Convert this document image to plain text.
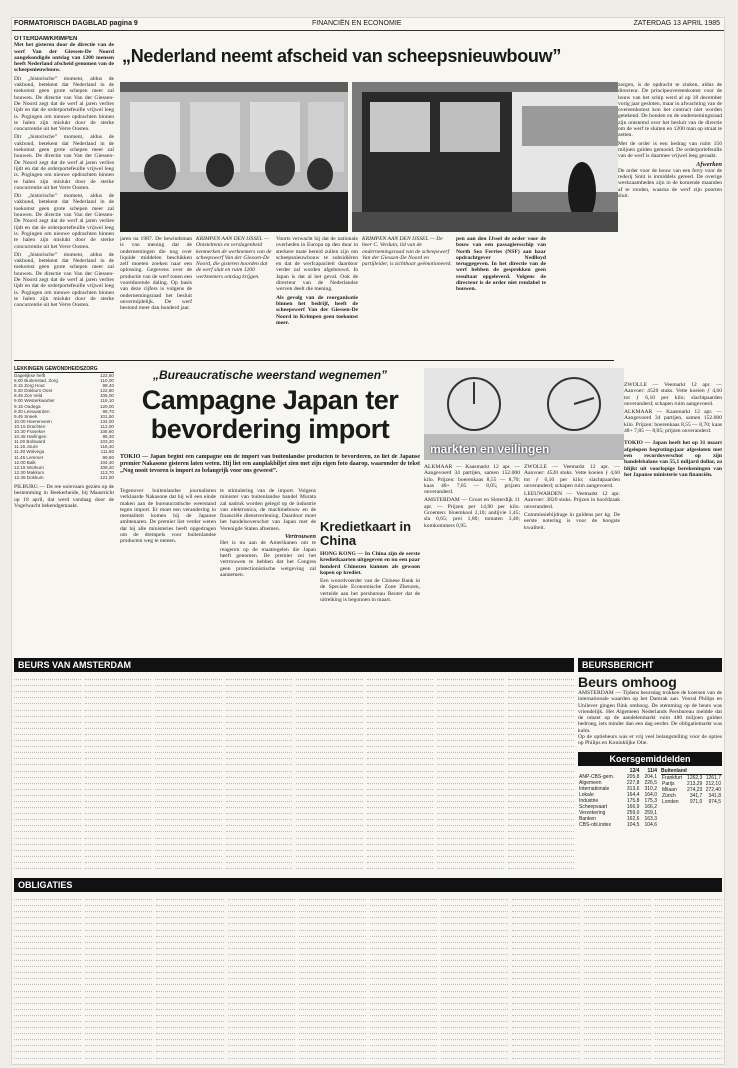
FORMATORISCH DAGBLAD pagina 9	FINANCIËN EN ECONOMIE	ZATERDAG 13 APRIL 1985
„Nederland neemt afscheid van scheepsnieuwbouw”
OTTERDAM/KRIMPEN

Met het gisteren door de directie van de werf Van der Giessen-De Noord aangekondigde ontslag van 1200 mensen heeft Nederland afscheid genomen van de scheepsnieuwbouw.

Dit „historische” moment, aldus de vakbond, betekent dat Nederland in de toekomst geen grote schepen meer zal bouwen. De directie van Van der Giessen-De Noord zegt dat de werf al jaren verlies lijdt en dat de orderportefeuille vrijwel leeg is. Pogingen om nieuwe opdrachten binnen te halen zijn mislukt door de sterke concurrentie uit het Verre Oosten.

Dit „historische” moment, aldus de vakbond, betekent dat Nederland in de toekomst geen grote schepen meer zal bouwen. De directie van Van der Giessen-De Noord zegt dat de werf al jaren verlies lijdt en dat de orderportefeuille vrijwel leeg is. Pogingen om nieuwe opdrachten binnen te halen zijn mislukt door de sterke concurrentie uit het Verre Oosten.

Dit „historische” moment, aldus de vakbond, betekent dat Nederland in de toekomst geen grote schepen meer zal bouwen. De directie van Van der Giessen-De Noord zegt dat de werf al jaren verlies lijdt en dat de orderportefeuille vrijwel leeg is. Pogingen om nieuwe opdrachten binnen te halen zijn mislukt door de sterke concurrentie uit het Verre Oosten.

Dit „historische” moment, aldus de vakbond, betekent dat Nederland in de toekomst geen grote schepen meer zal bouwen. De directie van Van der Giessen-De Noord zegt dat de werf al jaren verlies lijdt en dat de orderportefeuille vrijwel leeg is. Pogingen om nieuwe opdrachten binnen te halen zijn mislukt door de sterke concurrentie uit het Verre Oosten.

jaren na 1987. De bewindsman is van mening dat de ondernemingen die nog over liquide middelen beschikken zelf moeten zoeken naar een oplossing. Gegevens over de productie van de werf tonen een voortdurende daling. Op basis van deze cijfers is volgens de ondernemingsraad het besluit onvermijdelijk. De werf bestond meer dan honderd jaar.

KRIMPEN AAN DEN IJSSEL — Ontsteltenis en verslagenheid kenmerken de werknemers van de scheepswerf Van der Giessen-De Noord, die gisteren hoorden dat de werf sluit en ruim 1200 werknemers ontslag krijgen.

Voorts verwacht hij dat de nationale overheden in Europa op den duur in sterkere mate bereid zullen zijn om scheepsnieuwbouw te subsidiëren en dat de werfcapaciteit daardoor verder zal worden afgebouwd. In Japan is dat al het geval. Ook de directeur van de Nederlandse werven deelt die mening.

Als gevolg van de reorganisatie binnen het bedrijf, heeft de scheepswerf Van der Giessen-De Noord in Krimpen geen toekomst meer.

KRIMPEN AAN DEN IJSSEL — De heer C. Verduin, lid van de ondernemingsraad van de scheepswerf Van der Giessen-De Noord en partijleider, is zichtbaar geëmotioneerd.

pen aan den IJssel de order voor de bouw van een passagiersschip van North Sea Ferries (NSF) aan haar opdrachtgever Nedlloyd teruggegeven. In het directie van de werf hebben de gesprekken geen resultaat opgeleverd. Volgens de directeur is de order niet rendabel te bouwen.

zorgen, is de opdracht te zinken, aldus de directeur. De principeovereenkomst voor de bouw van het schip werd al op 18 december vorig jaar gesloten, maar in afwachting van de overeenkomst kon het contract niet worden getekend. De bonden en de ondernemingsraad zijn ontstemd over het besluit van de directie om de werf te sluiten en 1200 man op straat te zetten.

Met de order is een bedrag van ruim 156 miljoen gulden gemoeid. De orderportefeuille van de werf is daarmee vrijwel leeg geraakt.

Afwerken

De order voor de bouw van een ferry voor de rederij Smit is inmiddels gereed. De overige werkzaamheden zijn in de komende maanden af te ronden, waarna de werf zijn poorten sluit.

LEKKINGEN GEWONDHEIDSZORG
Dagelijkse helft	122,50
8.00 Buitenstad, Zorg	110,00
8.15 Zorg Hout	98,40
8.30 Dokkum Oost	122,80
8.45 Zon Veld	105,00
9.00 Westerkwartier	116,10
9.15 Oudega	120,00
9.30 Leeuwarden	99,70
9.45 Sneek	101,50
10.00 Heerenveen	134,00
10.15 Drachten	112,00
10.30 Franeker	108,60
10.45 Harlingen	96,30
11.00 Bolsward	103,20
11.15 Joure	118,40
11.30 Wolvega	111,80
11.45 Lemmer	99,90
12.00 Balk	104,40
12.15 Workum	109,20
12.30 Makkum	113,70
12.45 Dokkum	121,00
PILBURG — De ree ooievaars gezien op de bestemming in Beekerheide, bij Maastricht op 18 april, dat werd vandaag door de Vogelwacht bekendgemaakt.
„Bureaucratische weerstand wegnemen”
Campagne Japan ter bevordering import
TOKIO — Japan begint een campagne om de import van buitenlandse producten te bevorderen, zo liet de Japanse premier Nakasone gisteren laten weten. Hij liet een aanplakbiljet zien met zijn eigen foto daarop, waaronder de tekst „Nog nooit tevoren is import zo belangrijk voor ons geweest”.

Tegenover buitenlandse journalisten verklaarde Nakasone dat hij wil een einde maken aan de bureaucratische weerstand tegen import. Er moet een verandering in mentaliteit komen bij de Japanse ambtenaren. De premier liet verder weten dat hij alle ministeries heeft opgedragen om de drempels voor buitenlandse producten weg te nemen.

te stimulering van de import. Volgens minister van buitenlandse handel Murata zal nadruk worden gelegd op de industrie van elektronica, de machinebouw en de financiële dienstverlening. Daardoor moet het handelsoverschot van Japan met de Verenigde Staten afnemen.

Vertrouwen

Het is nu aan de Amerikanen om te reageren op de maatregelen die Japan heeft genomen. De premier zei het vertrouwen te hebben dat het Congres geen protectionistische wetgeving zal aannemen.

Kredietkaart in China
HONG KONG — In China zijn de eerste kredietkaarten uitgegeven en nu een paar honderd Chinezen kunnen als gewoon kopen op krediet.
Een woordvoerder van de Chinese Bank in de Speciale Economische Zone Zhenzen, vertelde aan het persbureau Reuter dat de uitreiking is begonnen in maart.
markten en veilingen

ALKMAAR — Kaasmarkt 12 apr. — Aangevoerd 34 partijen, samen 152.000 kilo. Prijzen: boerenkaas 8,55 — 8,70; kaas 48+ 7,85 — 8,05; prijzen onveranderd.

AMSTERDAM — Groot en Sloterdijk 11 apr. — Prijzen per 14,80 per kilo. Groenten: bloemkool 2,10; andijvie 1,45; sla 0,65; prei 1,80; tomaten 3,40; komkommers 0,95.

ZWOLLE — Veemarkt 12 apr. — Aanvoer: 4520 stuks. Vette koeien ƒ 4,60 tot ƒ 6,10 per kilo; slachtpaarden onveranderd; schapen ruim aangevoerd.

LEEUWARDEN — Veemarkt 12 apr. Aanvoer: 3820 stuks. Prijzen in hoofdzaak onveranderd.

Commissiebijdrage in guldens per kg. De eerste notering is voor de hoogste kwaliteit.

ZWOLLE — Veemarkt 12 apr. — Aanvoer: 4520 stuks. Vette koeien ƒ 4,60 tot ƒ 6,10 per kilo; slachtpaarden onveranderd; schapen ruim aangevoerd.

ALKMAAR — Kaasmarkt 12 apr. — Aangevoerd 34 partijen, samen 152.000 kilo. Prijzen: boerenkaas 8,55 — 8,70; kaas 48+ 7,85 — 8,05; prijzen onveranderd.

TOKIO — Japan heeft het op 31 maart afgelopen begrotingsjaar afgesloten met een recordoverschot op zijn handelsbalans van 55,1 miljard dollar, zo blijkt uit voorlopige berekeningen van het Japanse ministerie van financiën.

BEURS VAN AMSTERDAM	BEURSBERICHT
Beurs omhoog
AMSTERDAM — Tijdens beursdag trokken de koersen van de internationale waarden op het Damrak aan. Vooral Philips en Unilever gingen flink omhoog. De stemming op de beurs was vriendelijk. Het Algemeen Nederlands Persbureau meldde dat de omzet op de aandelenmarkt ruim 480 miljoen gulden bedroeg, iets minder dan een dag eerder. De obligatiemarkt was kalm.
Op de optiebeurs was er vrij veel belangstelling voor de opties op Philips en Koninklijke Olie.
Koersgemiddelden
	12/4	11/4
ANP-CBS-gem.	205,8	204,1
Algemeen	227,8	226,5
Internationale	313,6	310,2
Lokale	164,4	164,0
Industrie	175,8	175,3
Scheepvaart	166,9	166,2
Verzekering	259,0	259,1
Banken	162,6	163,3
CBS-obl.index	104,5	104,6
Buitenland
Frankfurt	1262,3	1261,7
Parijs	213,29	212,10
Milaan	274,23	272,40
Zürich	341,7	341,8
Londen	971,0	974,5
OBLIGATIES
